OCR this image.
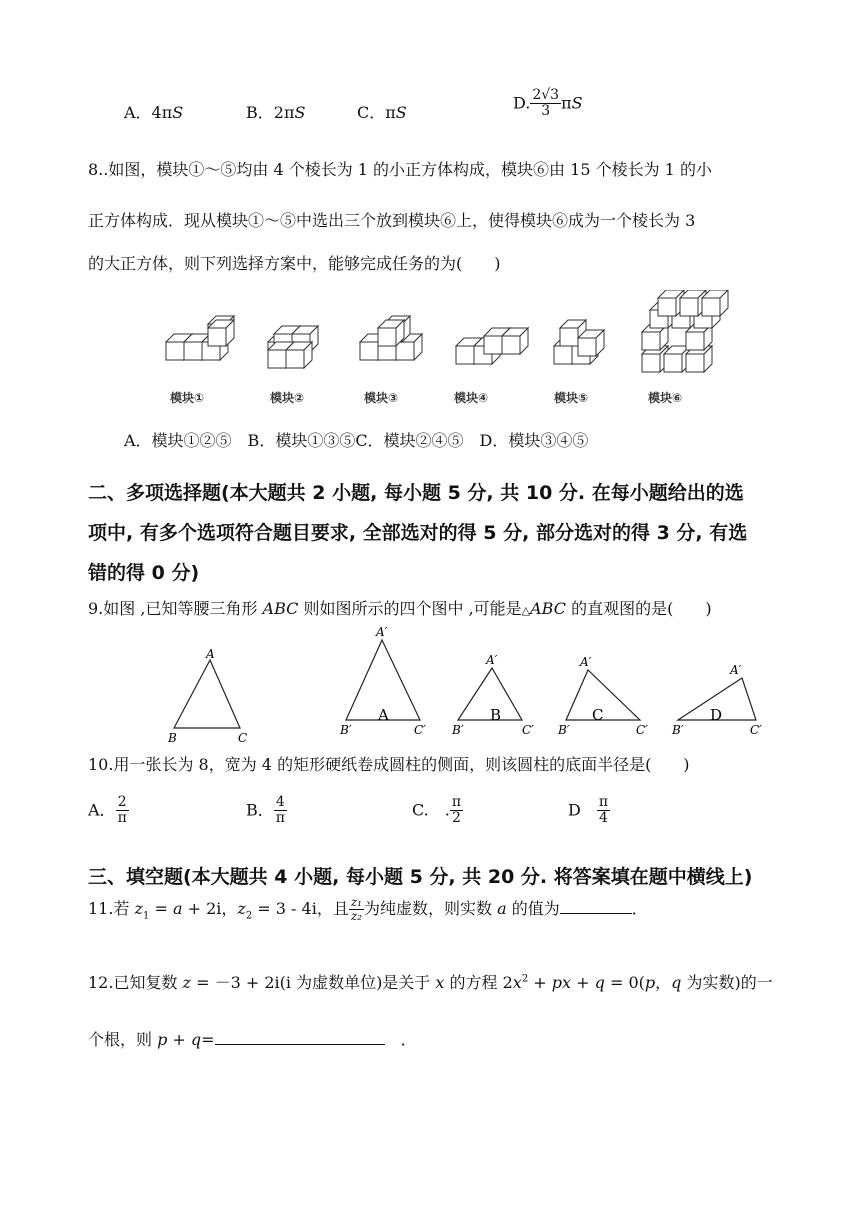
A．4πS	B．2πS	C．πS
D. $\frac{2√3}{3}$ πS
8..如图，模块①～⑤均由 4 个棱长为 1 的小正方体构成，模块⑥由 15 个棱长为 1 的小
正方体构成．现从模块①～⑤中选出三个放到模块⑥上，使得模块⑥成为一个棱长为 3
的大正方体，则下列选择方案中，能够完成任务的为(　　)
模块①	模块②	模块③	模块④	模块⑤	模块⑥
A．模块①②⑤　B．模块①③⑤C．模块②④⑤　D．模块③④⑤
二、多项选择题(本大题共 2 小题, 每小题 5 分, 共 10 分. 在每小题给出的选
项中, 有多个选项符合题目要求, 全部选对的得 5 分, 部分选对的得 3 分, 有选
错的得 0 分)
9.如图 ,已知等腰三角形 ABC 则如图所示的四个图中 ,可能是△ABC 的直观图的是(　　)
A
B	C
A′
B′	C′
A
A′
B′	C′
B
A′
B′	C′
C
A′
B′	C′
D
10.用一张长为 8，宽为 4 的矩形硬纸卷成圆柱的侧面，则该圆柱的底面半径是(　　)
A． $\frac{2}{\pi}$	B． $\frac{4}{\pi}$	C.　. $\frac{\pi}{2}$	D　 $\frac{\pi}{4}$
三、填空题(本大题共 4 小题, 每小题 5 分, 共 20 分. 将答案填在题中横线上)
11.若 $z_1 = a + 2i$，$z_2 = 3 - 4i$，且 $\frac{\text{z₁}}{\text{z₂}}$ 为纯虚数，则实数 a 的值为	．
12.已知复数 z = －3 + 2i(i 为虚数单位)是关于 x 的方程 $2x^2$ + px + q = 0(p，q 为实数)的一
个根，则 p + q=	．
